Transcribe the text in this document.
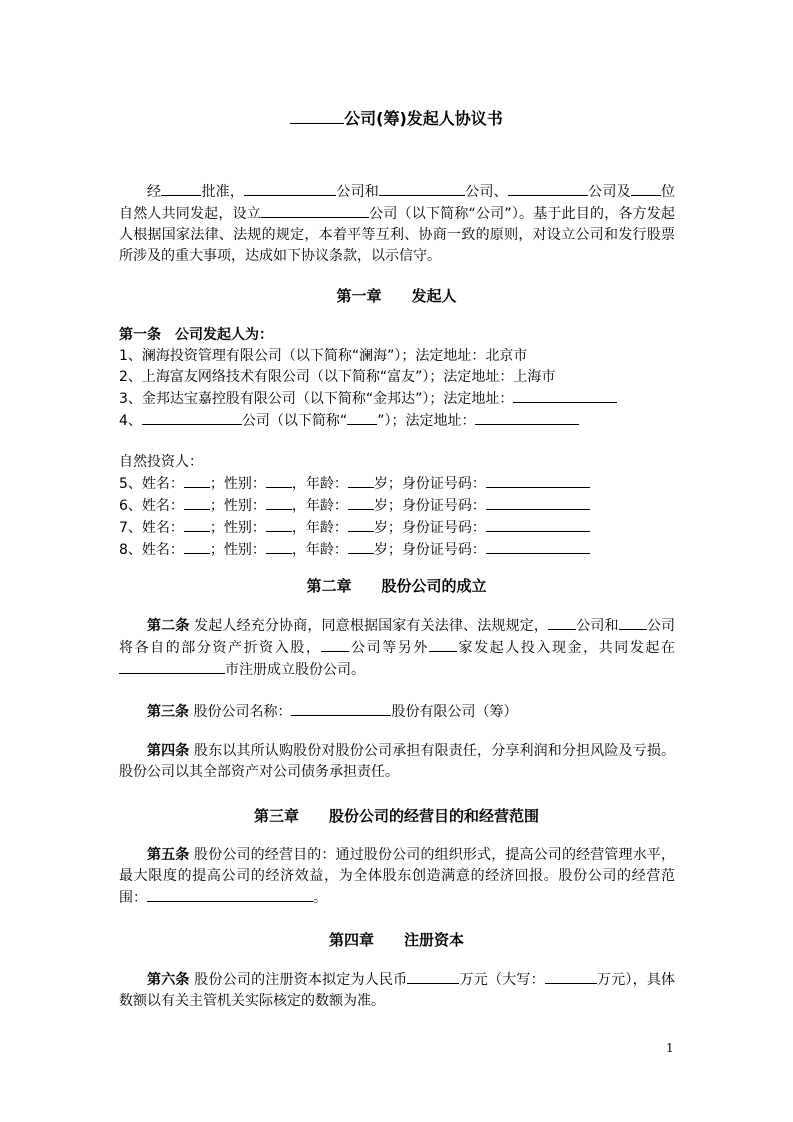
公司(筹)发起人协议书

经	批准，	公司和	公司、	公司及 位自然人共同发起，设立	公司（以下简称“公司”）。基于此目的，各方发起人根据国家法律、法规的规定，本着平等互利、协商一致的原则，对设立公司和发行股票所涉及的重大事项，达成如下协议条款，以示信守。

第一章　　发起人

第一条　公司发起人为：

1、澜海投资管理有限公司（以下简称“澜海”）；法定地址：北京市

2、上海富友网络技术有限公司（以下简称“富友”）；法定地址：上海市

3、金邦达宝嘉控股有限公司（以下简称“金邦达”）；法定地址：

4、	公司（以下简称“ ”）；法定地址：

自然投资人：

5、姓名： ；性别： ，年龄： 岁；身份证号码：

6、姓名： ；性别： ，年龄： 岁；身份证号码：

7、姓名： ；性别： ，年龄： 岁；身份证号码：

8、姓名： ；性别： ，年龄： 岁；身份证号码：

第二章　　股份公司的成立

第二条 发起人经充分协商，同意根据国家有关法律、法规规定， 公司和 公司将各自的部分资产折资入股， 公司等另外 家发起人投入现金，共同发起在市注册成立股份公司。

第三条 股份公司名称：	股份有限公司（筹）

第四条 股东以其所认购股份对股份公司承担有限责任，分享利润和分担风险及亏损。股份公司以其全部资产对公司债务承担责任。

第三章　　股份公司的经营目的和经营范围

第五条 股份公司的经营目的：通过股份公司的组织形式，提高公司的经营管理水平，最大限度的提高公司的经济效益，为全体股东创造满意的经济回报。股份公司的经营范围：	。

第四章　　注册资本

第六条 股份公司的注册资本拟定为人民币	万元（大写：	万元），具体数额以有关主管机关实际核定的数额为准。

1
